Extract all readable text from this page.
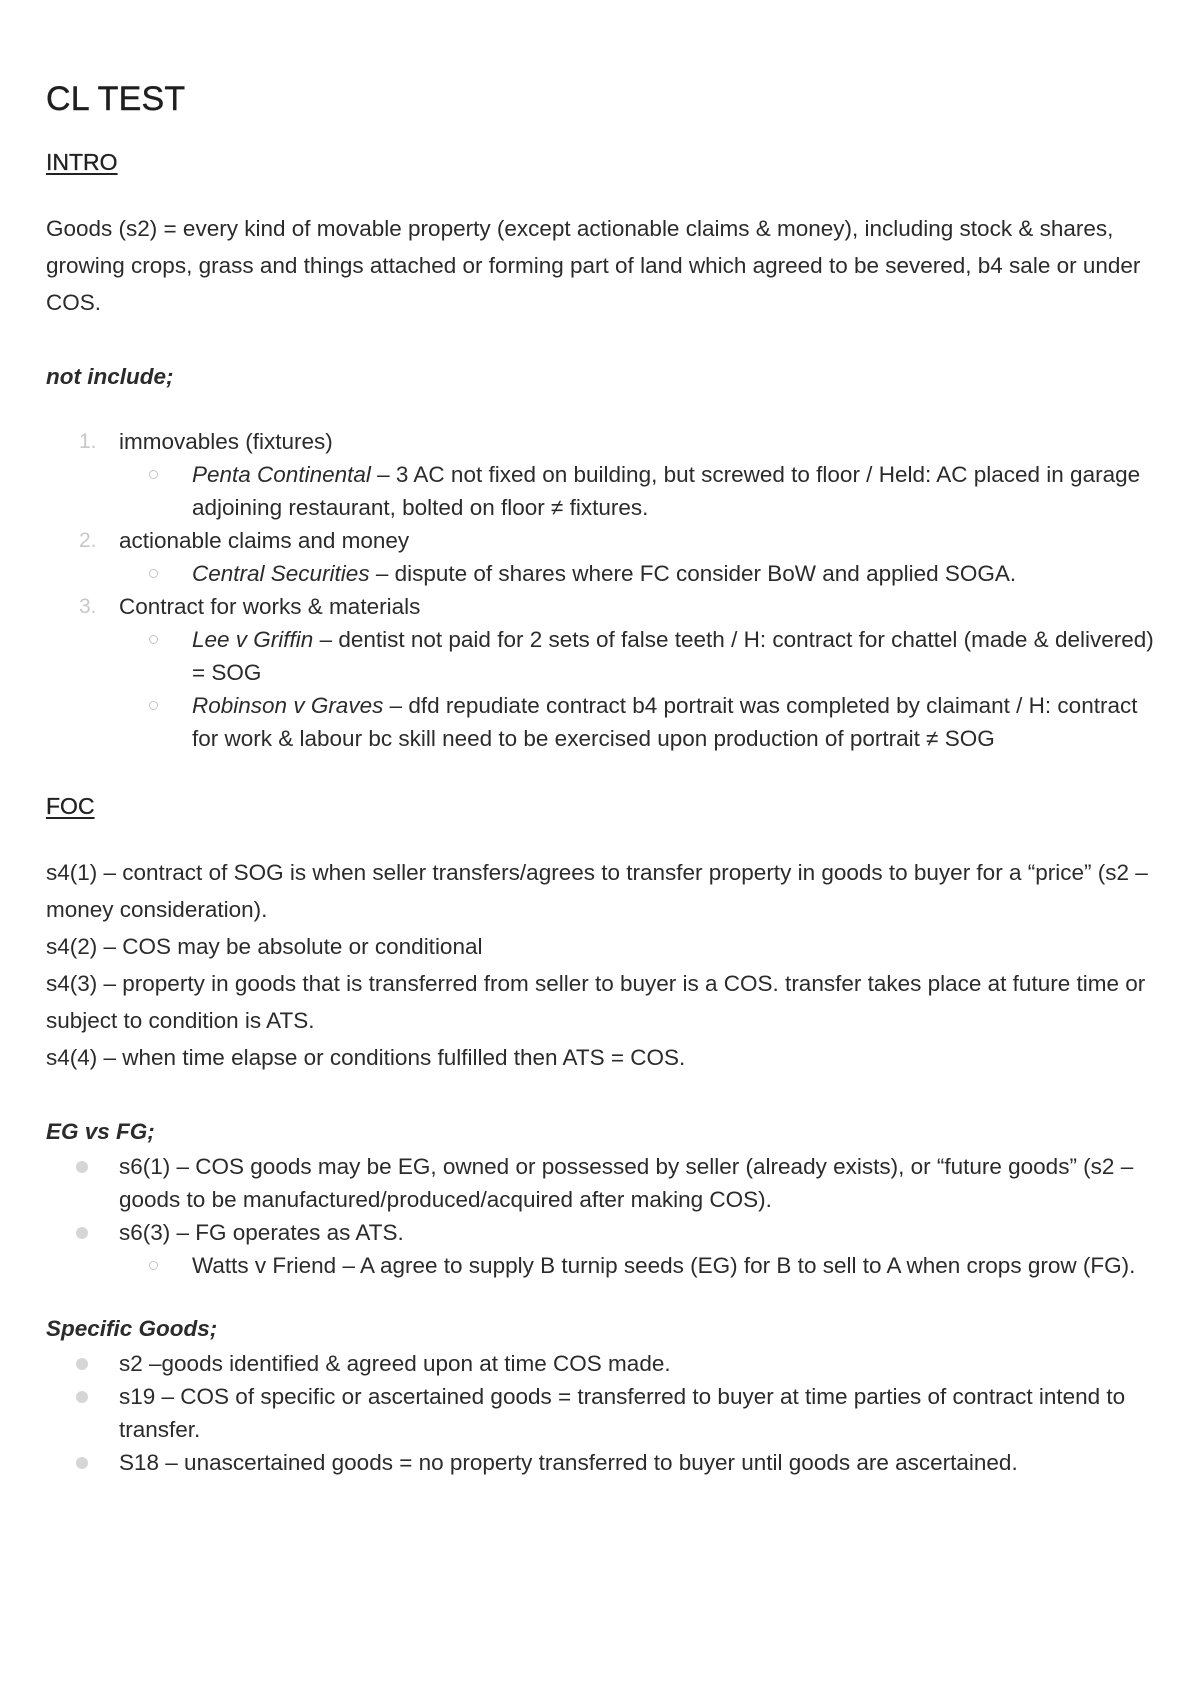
CL TEST
INTRO

Goods (s2) = every kind of movable property (except actionable claims & money), including stock & shares, growing crops, grass and things attached or forming part of land which agreed to be severed, b4 sale or under COS.

not include;

1. immovables (fixtures)
Penta Continental – 3 AC not fixed on building, but screwed to floor / Held: AC placed in garage adjoining restaurant, bolted on floor ≠ fixtures.
2. actionable claims and money
Central Securities – dispute of shares where FC consider BoW and applied SOGA.
3. Contract for works & materials
Lee v Griffin – dentist not paid for 2 sets of false teeth / H: contract for chattel (made & delivered) = SOG
Robinson v Graves – dfd repudiate contract b4 portrait was completed by claimant / H: contract for work & labour bc skill need to be exercised upon production of portrait ≠ SOG
FOC

s4(1) – contract of SOG is when seller transfers/agrees to transfer property in goods to buyer for a “price” (s2 – money consideration).

s4(2) – COS may be absolute or conditional

s4(3) – property in goods that is transferred from seller to buyer is a COS. transfer takes place at future time or subject to condition is ATS.

s4(4) – when time elapse or conditions fulfilled then ATS = COS.

EG vs FG;

s6(1) – COS goods may be EG, owned or possessed by seller (already exists), or “future goods” (s2 – goods to be manufactured/produced/acquired after making COS).
s6(3) – FG operates as ATS.
Watts v Friend – A agree to supply B turnip seeds (EG) for B to sell to A when crops grow (FG).

Specific Goods;

s2 –goods identified & agreed upon at time COS made.
s19 – COS of specific or ascertained goods = transferred to buyer at time parties of contract intend to transfer.
S18 – unascertained goods = no property transferred to buyer until goods are ascertained.
